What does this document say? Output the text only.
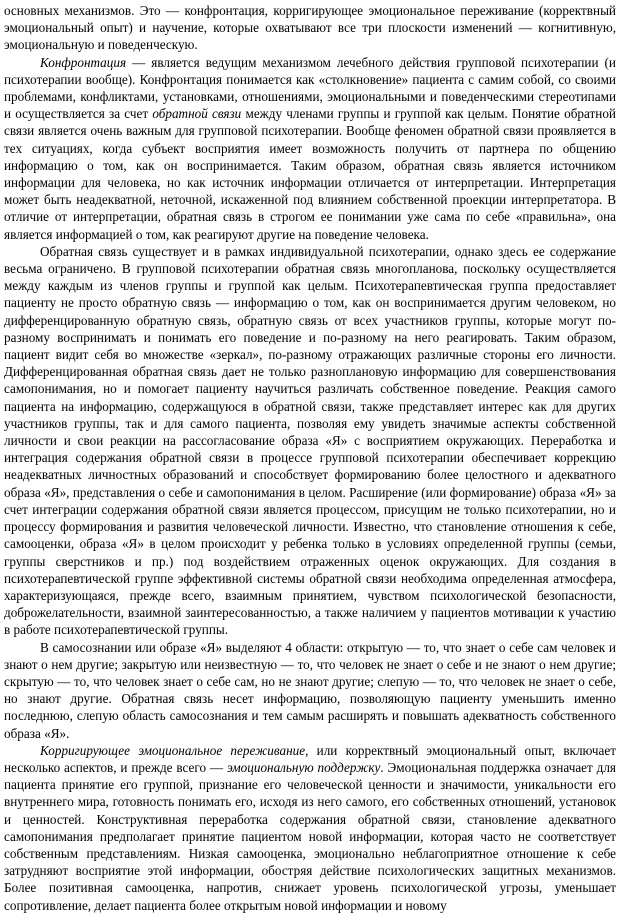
основных механизмов. Это — конфронтация, корригирующее эмоциональное переживание (корректвный эмоциональный опыт) и научение, которые охватывают все три плоскости изменений — когнитивную, эмоциональную и поведенческую.

Конфронтация — является ведущим механизмом лечебного действия групповой психотерапии (и психотерапии вообще). Конфронтация понимается как «столкновение» пациента с самим собой, со своими проблемами, конфликтами, установками, отношениями, эмоциональными и поведенческими стереотипами и осуществляется за счет обратной связи между членами группы и группой как целым. Понятие обратной связи является очень важным для групповой психотерапии. Вообще феномен обратной связи проявляется в тех ситуациях, когда субъект восприятия имеет возможность получить от партнера по общению информацию о том, как он воспринимается. Таким образом, обратная связь является источником информации для человека, но как источник информации отличается от интерпретации. Интерпретация может быть неадекватной, неточной, искаженной под влиянием собственной проекции интерпретатора. В отличие от интерпретации, обратная связь в строгом ее понимании уже сама по себе «правильна», она является информацией о том, как реагируют другие на поведение человека.

Обратная связь существует и в рамках индивидуальной психотерапии, однако здесь ее содержание весьма ограничено. В групповой психотерапии обратная связь многопланова, поскольку осуществляется между каждым из членов группы и группой как целым. Психотерапевтическая группа предоставляет пациенту не просто обратную связь — информацию о том, как он воспринимается другим человеком, но дифференцированную обратную связь, обратную связь от всех участников группы, которые могут по-разному воспринимать и понимать его поведение и по-разному на него реагировать. Таким образом, пациент видит себя во множестве «зеркал», по-разному отражающих различные стороны его личности. Дифференцированная обратная связь дает не только разноплановую информацию для совершенствования самопонимания, но и помогает пациенту научиться различать собственное поведение. Реакция самого пациента на информацию, содержащуюся в обратной связи, также представляет интерес как для других участников группы, так и для самого пациента, позволяя ему увидеть значимые аспекты собственной личности и свои реакции на рассогласование образа «Я» с восприятием окружающих. Переработка и интеграция содержания обратной связи в процессе групповой психотерапии обеспечивает коррекцию неадекватных личностных образований и способствует формированию более целостного и адекватного образа «Я», представления о себе и самопонимания в целом. Расширение (или формирование) образа «Я» за счет интеграции содержания обратной связи является процессом, присущим не только психотерапии, но и процессу формирования и развития человеческой личности. Известно, что становление отношения к себе, самооценки, образа «Я» в целом происходит у ребенка только в условиях определенной группы (семьи, группы сверстников и пр.) под воздействием отраженных оценок окружающих. Для создания в психотерапевтической группе эффективной системы обратной связи необходима определенная атмосфера, характеризующаяся, прежде всего, взаимным принятием, чувством психологической безопасности, доброжелательности, взаимной заинтересованностью, а также наличием у пациентов мотивации к участию в работе психотерапевтической группы.

В самосознании или образе «Я» выделяют 4 области: открытую — то, что знает о себе сам человек и знают о нем другие; закрытую или неизвестную — то, что человек не знает о себе и не знают о нем другие; скрытую — то, что человек знает о себе сам, но не знают другие; слепую — то, что человек не знает о себе, но знают другие. Обратная связь несет информацию, позволяющую пациенту уменьшить именно последнюю, слепую область самосознания и тем самым расширять и повышать адекватность собственного образа «Я».

Корригирующее эмоциональное переживание, или корректвный эмоциональный опыт, включает несколько аспектов, и прежде всего — эмоциональную поддержку. Эмоциональная поддержка означает для пациента принятие его группой, признание его человеческой ценности и значимости, уникальности его внутреннего мира, готовность понимать его, исходя из него самого, его собственных отношений, установок и ценностей. Конструктивная переработка содержания обратной связи, становление адекватного самопонимания предполагает принятие пациентом новой информации, которая часто не соответствует собственным представлениям. Низкая самооценка, эмоционально неблагоприятное отношение к себе затрудняют восприятие этой информации, обостряя действие психологических защитных механизмов. Более позитивная самооценка, напротив, снижает уровень психологической угрозы, уменьшает сопротивление, делает пациента более открытым новой информации и новому
